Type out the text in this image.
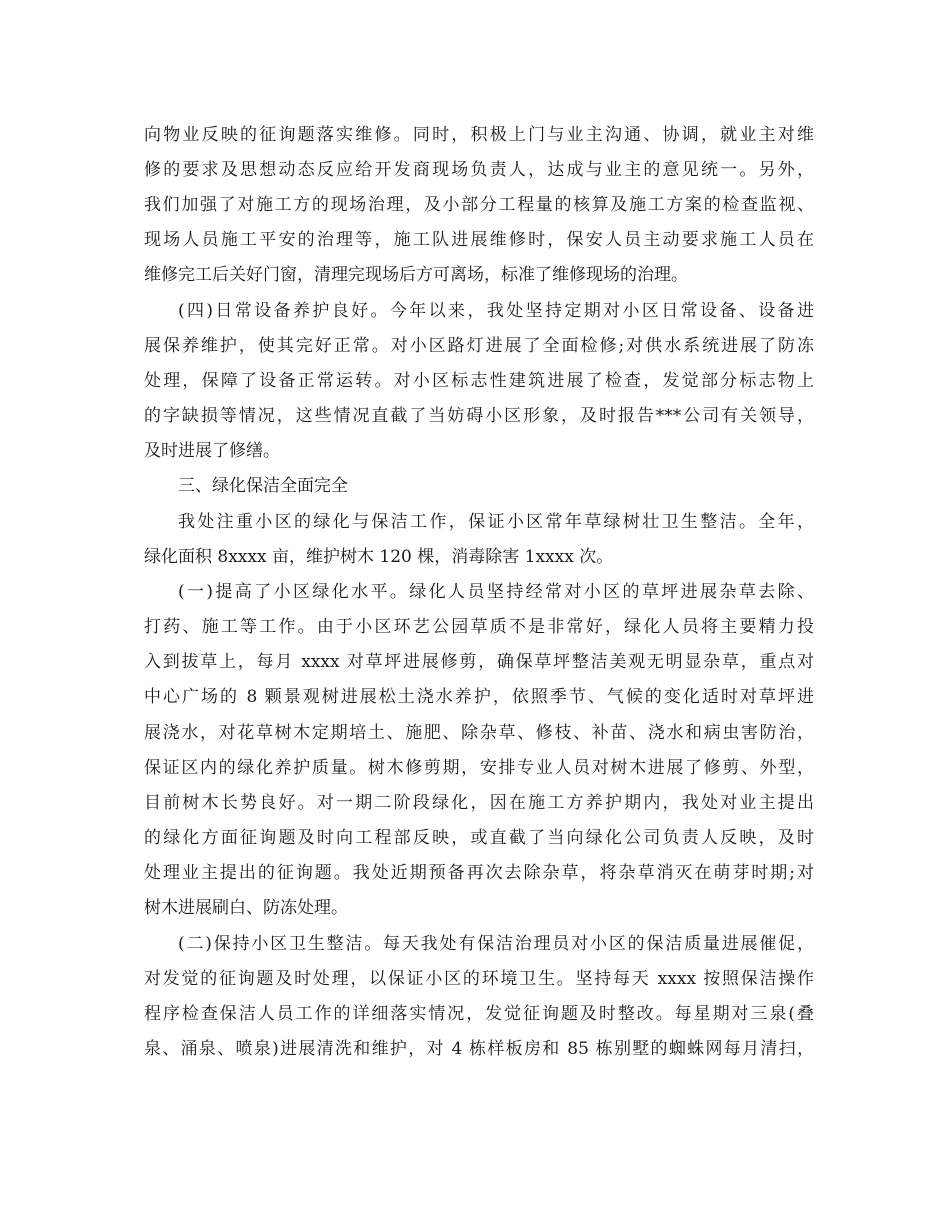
向物业反映的征询题落实维修。同时，积极上门与业主沟通、协调，就业主对维
修的要求及思想动态反应给开发商现场负责人，达成与业主的意见统一。另外，
我们加强了对施工方的现场治理，及小部分工程量的核算及施工方案的检查监视、
现场人员施工平安的治理等，施工队进展维修时，保安人员主动要求施工人员在
维修完工后关好门窗，清理完现场后方可离场，标准了维修现场的治理。
(四)日常设备养护良好。今年以来，我处坚持定期对小区日常设备、设备进
展保养维护，使其完好正常。对小区路灯进展了全面检修;对供水系统进展了防冻
处理，保障了设备正常运转。对小区标志性建筑进展了检查，发觉部分标志物上
的字缺损等情况，这些情况直截了当妨碍小区形象，及时报告***公司有关领导，
及时进展了修缮。
三、绿化保洁全面完全
我处注重小区的绿化与保洁工作，保证小区常年草绿树壮卫生整洁。全年，
绿化面积 8xxxx 亩，维护树木 120 棵，消毒除害 1xxxx 次。
(一)提高了小区绿化水平。绿化人员坚持经常对小区的草坪进展杂草去除、
打药、施工等工作。由于小区环艺公园草质不是非常好，绿化人员将主要精力投
入到拔草上，每月 xxxx 对草坪进展修剪，确保草坪整洁美观无明显杂草，重点对
中心广场的 8 颗景观树进展松土浇水养护，依照季节、气候的变化适时对草坪进
展浇水，对花草树木定期培土、施肥、除杂草、修枝、补苗、浇水和病虫害防治，
保证区内的绿化养护质量。树木修剪期，安排专业人员对树木进展了修剪、外型，
目前树木长势良好。对一期二阶段绿化，因在施工方养护期内，我处对业主提出
的绿化方面征询题及时向工程部反映，或直截了当向绿化公司负责人反映，及时
处理业主提出的征询题。我处近期预备再次去除杂草，将杂草消灭在萌芽时期;对
树木进展刷白、防冻处理。
(二)保持小区卫生整洁。每天我处有保洁治理员对小区的保洁质量进展催促，
对发觉的征询题及时处理，以保证小区的环境卫生。坚持每天 xxxx 按照保洁操作
程序检查保洁人员工作的详细落实情况，发觉征询题及时整改。每星期对三泉(叠
泉、涌泉、喷泉)进展清洗和维护，对 4 栋样板房和 85 栋别墅的蜘蛛网每月清扫，
